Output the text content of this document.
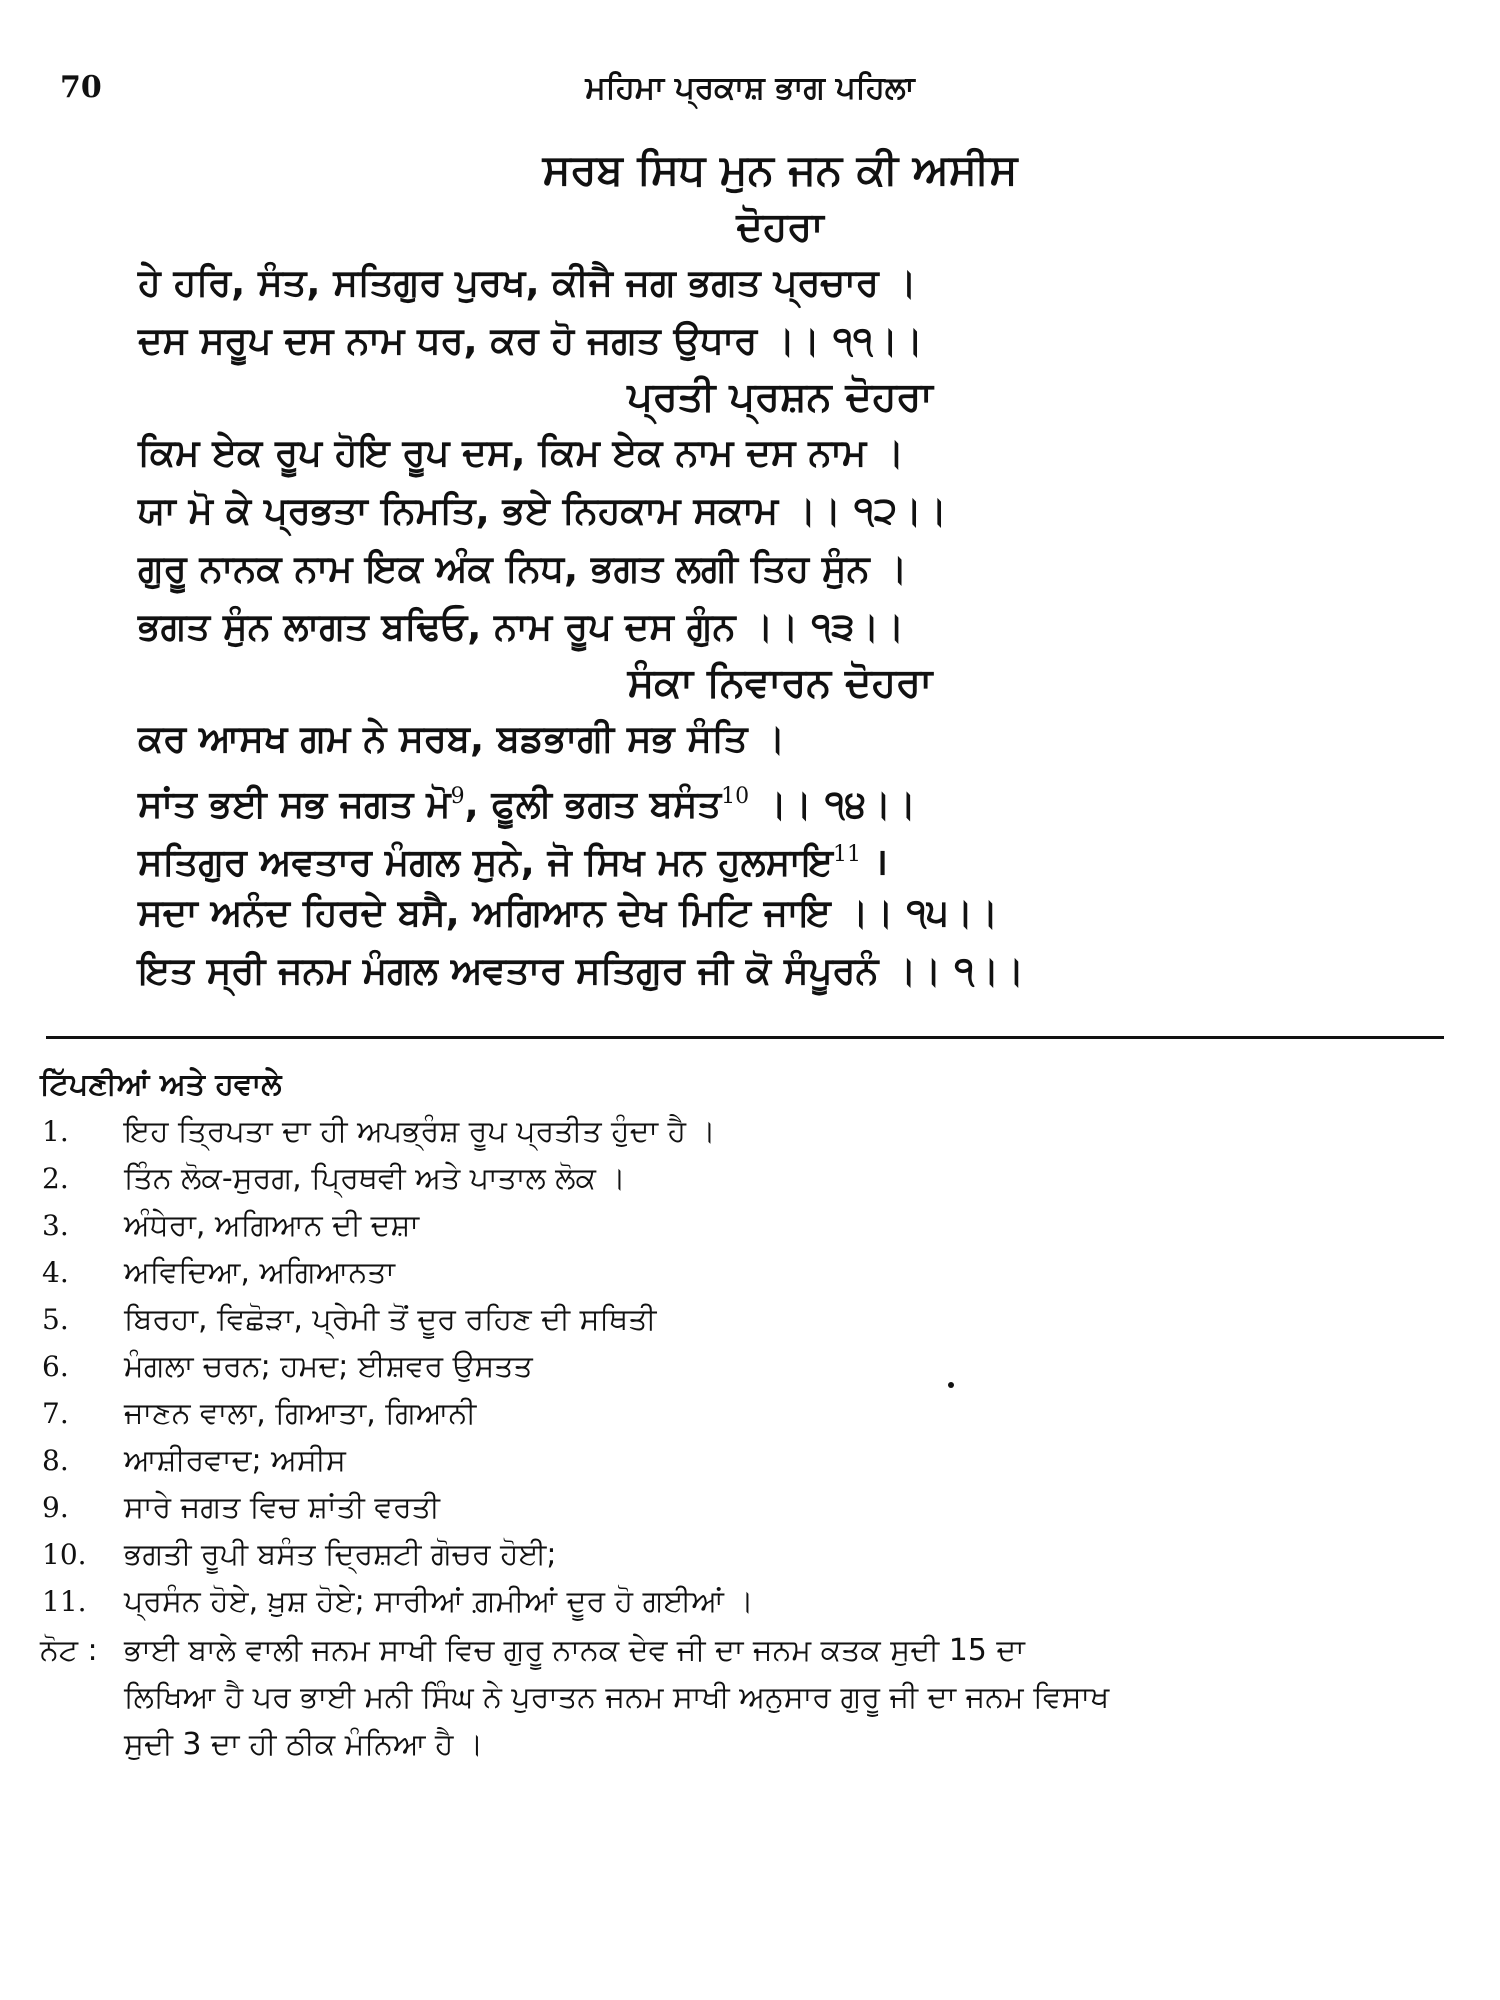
70	ਮਹਿਮਾ ਪ੍ਰਕਾਸ਼ ਭਾਗ ਪਹਿਲਾ
ਸਰਬ ਸਿਧ ਮੁਨ ਜਨ ਕੀ ਅਸੀਸ
ਦੋਹਰਾ
ਹੇ ਹਰਿ, ਸੰਤ, ਸਤਿਗੁਰ ਪੁਰਖ, ਕੀਜੈ ਜਗ ਭਗਤ ਪ੍ਰਚਾਰ ।
ਦਸ ਸਰੂਪ ਦਸ ਨਾਮ ਧਰ, ਕਰ ਹੋ ਜਗਤ ਉਧਾਰ ।। ੧੧।।
ਪ੍ਰਤੀ ਪ੍ਰਸ਼ਨ ਦੋਹਰਾ
ਕਿਮ ਏਕ ਰੂਪ ਹੋਇ ਰੂਪ ਦਸ, ਕਿਮ ਏਕ ਨਾਮ ਦਸ ਨਾਮ ।
ਯਾ ਮੋ ਕੇ ਪ੍ਰਭਤਾ ਨਿਮਤਿ, ਭਏ ਨਿਹਕਾਮ ਸਕਾਮ ।। ੧੨।।
ਗੁਰੂ ਨਾਨਕ ਨਾਮ ਇਕ ਅੰਕ ਨਿਧ, ਭਗਤ ਲਗੀ ਤਿਹ ਸੁੰਨ ।
ਭਗਤ ਸੁੰਨ ਲਾਗਤ ਬਢਿਓ, ਨਾਮ ਰੂਪ ਦਸ ਗੁੰਨ ।। ੧੩।।
ਸੰਕਾ ਨਿਵਾਰਨ ਦੋਹਰਾ
ਕਰ ਆਸਖ ਗਮ ਨੇ ਸਰਬ, ਬਡਭਾਗੀ ਸਭ ਸੰਤਿ ।
ਸਾਂਤ ਭਈ ਸਭ ਜਗਤ ਮੋ$^9$, ਫੂਲੀ ਭਗਤ ਬਸੰਤ$^{10}$ ।। ੧੪।।
ਸਤਿਗੁਰ ਅਵਤਾਰ ਮੰਗਲ ਸੁਨੇ, ਜੋ ਸਿਖ ਮਨ ਹੁਲਸਾਇ$^{11}$ ।
ਸਦਾ ਅਨੰਦ ਹਿਰਦੇ ਬਸੈ, ਅਗਿਆਨ ਦੇਖ ਮਿਟਿ ਜਾਇ ।। ੧੫।।
ਇਤ ਸ੍ਰੀ ਜਨਮ ਮੰਗਲ ਅਵਤਾਰ ਸਤਿਗੁਰ ਜੀ ਕੋ ਸੰਪੂਰਨੰ ।। ੧।।
ਟਿੱਪਣੀਆਂ ਅਤੇ ਹਵਾਲੇ
1. ਇਹ ਤ੍ਰਿਪਤਾ ਦਾ ਹੀ ਅਪਭ੍ਰੰਸ਼ ਰੂਪ ਪ੍ਰਤੀਤ ਹੁੰਦਾ ਹੈ ।
2. ਤਿੰਨ ਲੋਕ-ਸੁਰਗ, ਪ੍ਰਿਥਵੀ ਅਤੇ ਪਾਤਾਲ ਲੋਕ ।
3. ਅੰਧੇਰਾ, ਅਗਿਆਨ ਦੀ ਦਸ਼ਾ
4. ਅਵਿਦਿਆ, ਅਗਿਆਨਤਾ
5. ਬਿਰਹਾ, ਵਿਛੋੜਾ, ਪ੍ਰੇਮੀ ਤੋਂ ਦੂਰ ਰਹਿਣ ਦੀ ਸਥਿਤੀ
6. ਮੰਗਲਾ ਚਰਨ; ਹਮਦ; ਈਸ਼ਵਰ ਉਸਤਤ
7. ਜਾਣਨ ਵਾਲਾ, ਗਿਆਤਾ, ਗਿਆਨੀ
8. ਆਸ਼ੀਰਵਾਦ; ਅਸੀਸ
9. ਸਾਰੇ ਜਗਤ ਵਿਚ ਸ਼ਾਂਤੀ ਵਰਤੀ
10. ਭਗਤੀ ਰੂਪੀ ਬਸੰਤ ਦ੍ਰਿਸ਼ਟੀ ਗੋਚਰ ਹੋਈ;
11. ਪ੍ਰਸੰਨ ਹੋਏ, ਖ਼ੁਸ਼ ਹੋਏ; ਸਾਰੀਆਂ ਗ਼ਮੀਆਂ ਦੂਰ ਹੋ ਗਈਆਂ ।
ਨੋਟ : ਭਾਈ ਬਾਲੇ ਵਾਲੀ ਜਨਮ ਸਾਖੀ ਵਿਚ ਗੁਰੂ ਨਾਨਕ ਦੇਵ ਜੀ ਦਾ ਜਨਮ ਕਤਕ ਸੁਦੀ 15 ਦਾ
ਲਿਖਿਆ ਹੈ ਪਰ ਭਾਈ ਮਨੀ ਸਿੰਘ ਨੇ ਪੁਰਾਤਨ ਜਨਮ ਸਾਖੀ ਅਨੁਸਾਰ ਗੁਰੂ ਜੀ ਦਾ ਜਨਮ ਵਿਸਾਖ
ਸੁਦੀ 3 ਦਾ ਹੀ ਠੀਕ ਮੰਨਿਆ ਹੈ ।
